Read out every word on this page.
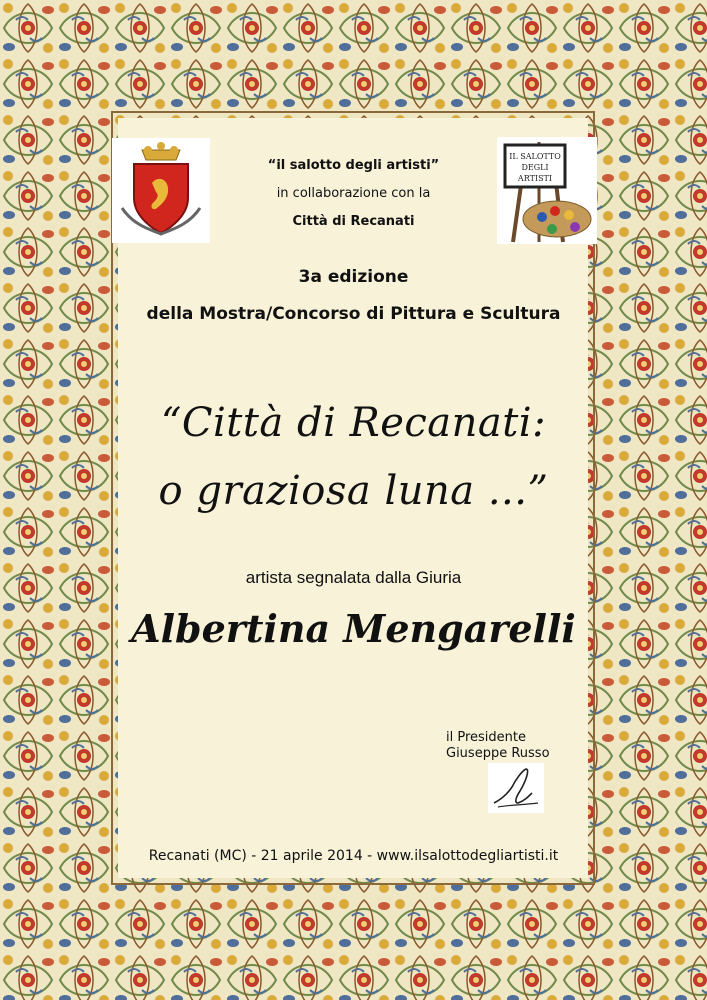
IL SALOTTO
DEGLI
ARTISTI
“il salotto degli artisti”
in collaborazione con la
Città di Recanati
3a edizione
della Mostra/Concorso di Pittura e Scultura
“Città di Recanati:
o graziosa luna ...”
artista segnalata dalla Giuria
Albertina Mengarelli
il Presidente
Giuseppe Russo
Recanati (MC) - 21 aprile 2014 - www.ilsalottodegliartisti.it
